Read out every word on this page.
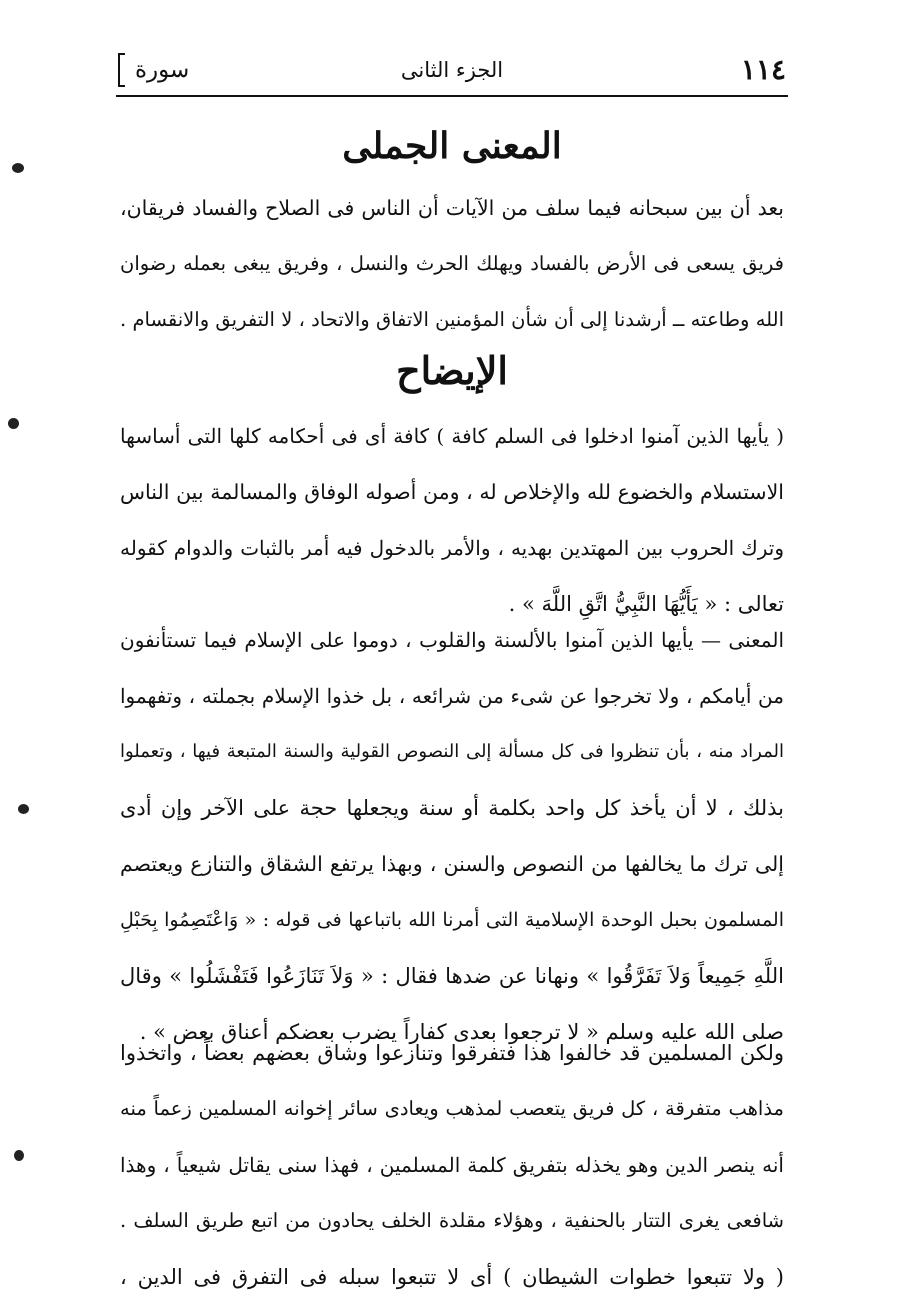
سورة	الجزء الثانى	١١٤
المعنى الجملى
بعد أن بين سبحانه فيما سلف من الآيات أن الناس فى الصلاح والفساد فريقان،
فريق يسعى فى الأرض بالفساد ويهلك الحرث والنسل ، وفريق يبغى بعمله رضوان
الله وطاعته ــ أرشدنا إلى أن شأن المؤمنين الاتفاق والاتحاد ، لا التفريق والانقسام .
الإيضاح
( يأيها الذين آمنوا ادخلوا فى السلم كافة ) كافة أى فى أحكامه كلها التى أساسها
الاستسلام والخضوع لله والإخلاص له ، ومن أصوله الوفاق والمسالمة بين الناس
وترك الحروب بين المهتدين بهديه ، والأمر بالدخول فيه أمر بالثبات والدوام كقوله
تعالى : « يَأَيُّهَا النَّبِيُّ اتَّقِ اللَّهَ » .
المعنى — يأيها الذين آمنوا بالألسنة والقلوب ، دوموا على الإسلام فيما تستأنفون
من أيامكم ، ولا تخرجوا عن شىء من شرائعه ، بل خذوا الإسلام بجملته ، وتفهموا
المراد منه ، بأن تنظروا فى كل مسألة إلى النصوص القولية والسنة المتبعة فيها ، وتعملوا
بذلك ، لا أن يأخذ كل واحد بكلمة أو سنة ويجعلها حجة على الآخر وإن أدى
إلى ترك ما يخالفها من النصوص والسنن ، وبهذا يرتفع الشقاق والتنازع ويعتصم
المسلمون بحبل الوحدة الإسلامية التى أمرنا الله باتباعها فى قوله : « وَاعْتَصِمُوا بِحَبْلِ
اللَّهِ جَمِيعاً وَلاَ تَفَرَّقُوا » ونهانا عن ضدها فقال : « وَلاَ تَنَازَعُوا فَتَفْشَلُوا » وقال
صلى الله عليه وسلم « لا ترجعوا بعدى كفاراً يضرب بعضكم أعناق بعض » .
ولكن المسلمين قد خالفوا هذا فتفرقوا وتنازعوا وشاق بعضهم بعضاً ، واتخذوا
مذاهب متفرقة ، كل فريق يتعصب لمذهب ويعادى سائر إخوانه المسلمين زعماً منه
أنه ينصر الدين وهو يخذله بتفريق كلمة المسلمين ، فهذا سنى يقاتل شيعياً ، وهذا
شافعى يغرى التتار بالحنفية ، وهؤلاء مقلدة الخلف يحادون من اتبع طريق السلف .
( ولا تتبعوا خطوات الشيطان ) أى لا تتبعوا سبله فى التفرق فى الدين ،
